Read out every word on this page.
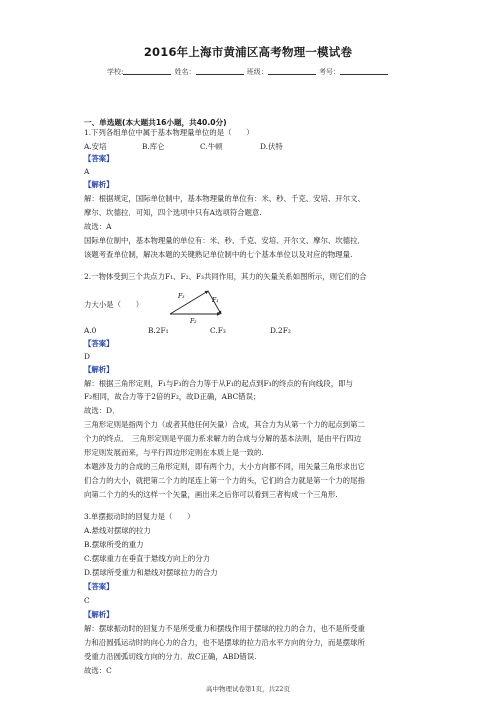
2016年上海市黄浦区高考物理一模试卷
学校:	姓名：	班级：	考号：
一、单选题(本大题共16小题，共40.0分)
1.下列各组单位中属于基本物理量单位的是（　　）
A.安培	B.库仑	C.牛顿	D.伏特
【答案】
A
【解析】
解：根据规定，国际单位制中，基本物理量的单位有：米、秒、千克、安培、开尔文、
摩尔、坎德拉．可知，四个选项中只有A选项符合题意.
故选：A
国际单位制中，基本物理量的单位有：米、秒、千克、安培、开尔文、摩尔、坎德拉．
该题考查单位制，解决本题的关键熟记单位制中的七个基本单位以及对应的物理量.
2.一物体受到三个共点力F₁、F₂、F₃共同作用，其力的矢量关系如图所示，则它们的合
力大小是（　　）
F₃
F₁
F₂
A.0	B.2F₁	C.F₃	D.2F₂
【答案】
D
【解析】
解：根据三角形定则，F₁与F₃的合力等于从F₁的起点到F₃的终点的有向线段，即与
F₂相同，故合力等于2倍的F₂，故D正确，ABC错误；
故选：D．
三角形定则是指两个力（或者其他任何矢量）合成，其合力为从第一个力的起点到第二
个力的终点．　三角形定则是平面力系求解力的合成与分解的基本法则，是由平行四边
形定则发展而来，与平行四边形定则在本质上是一致的.
本题涉及力的合成的三角形定则，即有两个力，大小方向都不同，用矢量三角形求出它
们合力的大小，就把第二个力的尾连上第一个力的头，它们的合力就是第一个力的尾指
向第二个力的头的这样一个矢量，画出来之后你可以看到三者构成一个三角形.
3.单摆振动时的回复力是（　　）
A.悬线对摆球的拉力
B.摆球所受的重力
C.摆球重力在垂直于悬线方向上的分力
D.摆球所受重力和悬线对摆球拉力的合力
【答案】
C
【解析】
解：摆球振动时的回复力不是所受重力和摆线作用于摆球的拉力的合力，也不是所受重
力和沿圆弧运动时的向心力的合力，也不是摆球的拉力沿水平方向的分力，而是摆球所
受重力沿圆弧切线方向的分力．故C正确，ABD错误.
故选：C
高中物理试卷第1页，共22页
